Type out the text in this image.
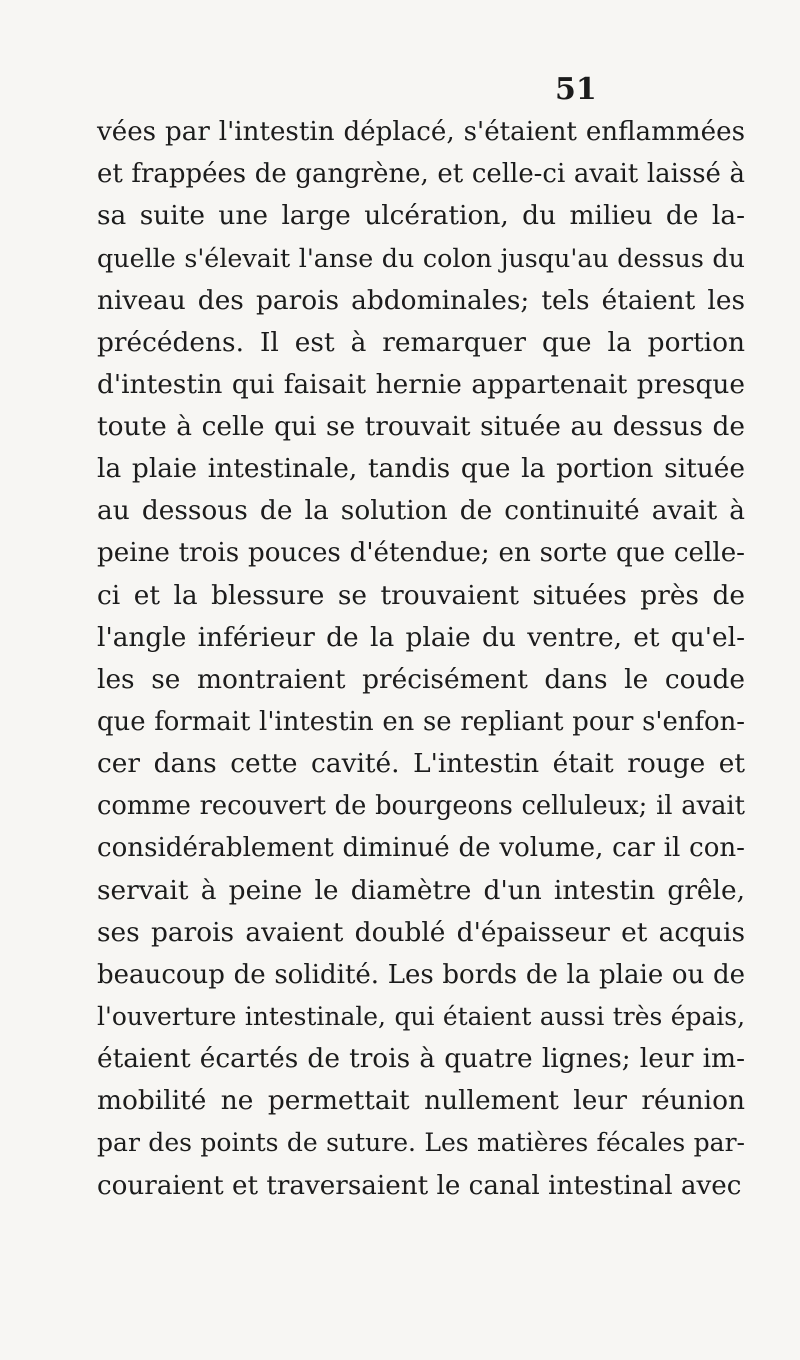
51
vées par l'intestin déplacé, s'étaient enflammées
et frappées de gangrène, et celle-ci avait laissé à
sa suite une large ulcération, du milieu de la-
quelle s'élevait l'anse du colon jusqu'au dessus du
niveau des parois abdominales; tels étaient les
précédens. Il est à remarquer que la portion
d'intestin qui faisait hernie appartenait presque
toute à celle qui se trouvait située au dessus de
la plaie intestinale, tandis que la portion située
au dessous de la solution de continuité avait à
peine trois pouces d'étendue; en sorte que celle-
ci et la blessure se trouvaient situées près de
l'angle inférieur de la plaie du ventre, et qu'el-
les se montraient précisément dans le coude
que formait l'intestin en se repliant pour s'enfon-
cer dans cette cavité. L'intestin était rouge et
comme recouvert de bourgeons celluleux; il avait
considérablement diminué de volume, car il con-
servait à peine le diamètre d'un intestin grêle,
ses parois avaient doublé d'épaisseur et acquis
beaucoup de solidité. Les bords de la plaie ou de
l'ouverture intestinale, qui étaient aussi très épais,
étaient écartés de trois à quatre lignes; leur im-
mobilité ne permettait nullement leur réunion
par des points de suture. Les matières fécales par-
couraient et traversaient le canal intestinal avec
